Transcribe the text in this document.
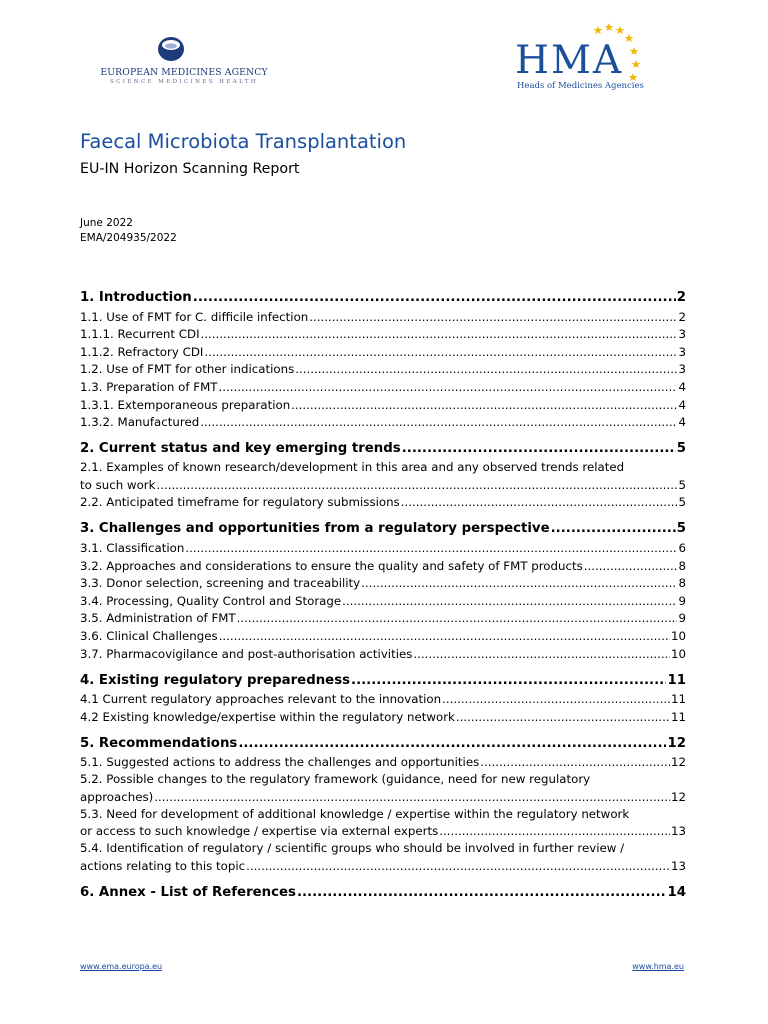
EUROPEAN MEDICINES AGENCY
SCIENCE MEDICINES HEALTH	HMA
Heads of Medicines Agencies
Faecal Microbiota Transplantation
EU-IN Horizon Scanning Report
June 2022
EMA/204935/2022
1. Introduction .....	2
1.1. Use of FMT for C. difficile infection .....	2
1.1.1. Recurrent CDI .....	3
1.1.2. Refractory CDI .....	3
1.2. Use of FMT for other indications .....	3
1.3. Preparation of FMT .....	4
1.3.1. Extemporaneous preparation .....	4
1.3.2. Manufactured .....	4
2. Current status and key emerging trends .....	5
2.1. Examples of known research/development in this area and any observed trends related
to such work .....	5
2.2. Anticipated timeframe for regulatory submissions .....	5
3. Challenges and opportunities from a regulatory perspective .....	5
3.1. Classification .....	6
3.2. Approaches and considerations to ensure the quality and safety of FMT products .....	8
3.3. Donor selection, screening and traceability .....	8
3.4. Processing, Quality Control and Storage .....	9
3.5. Administration of FMT .....	9
3.6. Clinical Challenges .....	10
3.7. Pharmacovigilance and post-authorisation activities .....	10
4. Existing regulatory preparedness .....	11
4.1 Current regulatory approaches relevant to the innovation .....	11
4.2 Existing knowledge/expertise within the regulatory network .....	11
5. Recommendations .....	12
5.1. Suggested actions to address the challenges and opportunities .....	12
5.2. Possible changes to the regulatory framework (guidance, need for new regulatory
approaches) .....	12
5.3. Need for development of additional knowledge / expertise within the regulatory network
or access to such knowledge / expertise via external experts .....	13
5.4. Identification of regulatory / scientific groups who should be involved in further review /
actions relating to this topic .....	13
6. Annex - List of References .....	14
www.ema.europa.eu	www.hma.eu
